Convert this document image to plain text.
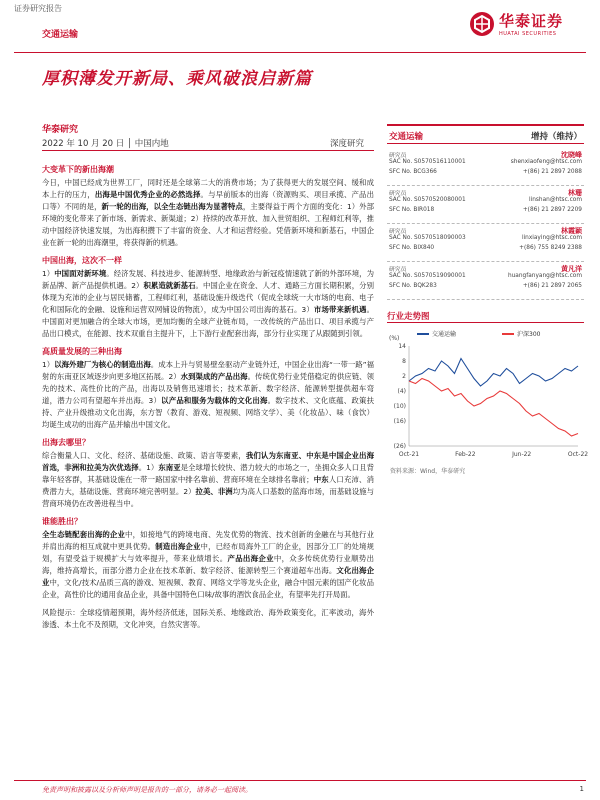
证券研究报告
交通运输
华泰证券
HUATAI SECURITIES
厚积薄发开新局、乘风破浪启新篇
华泰研究
2022 年 10 月 20 日 │ 中国内地	深度研究
大变革下的新出海潮

今日，中国已经成为世界工厂，同时还是全球第二大的消费市场；为了获得更大的发展空间、缓和成本上行的压力，出海是中国优秀企业的必然选择。与早前版本的出海（资源购买、项目承揽、产品出口等）不同的是，新一轮的出海，以全生态链出海为显著特点，主要得益于两个方面的变化：1）外部环境的变化带来了新市场、新需求、新渠道；2）持续的改革开放、加入世贸组织、工程师红利等，推动中国经济快速发展，为出海积攒下了丰富的资金、人才和运营经验。凭借新环境和新基石，中国企业在新一轮的出海潮里，将获得新的机遇。

中国出海，这次不一样

1）中国面对新环境。经济发展、科技进步、能源转型、地缘政治与新冠疫情速就了新的外部环境，为新品牌、新产品提供机遇。2）积累造就新基石。中国企业在资金、人才、通路三方面长期积累，分别体现为充沛的企业与居民储蓄，工程师红利，基础设施升级迭代（促成全球统一大市场的电商、电子化和国际化的金融、设施和运营双网铺设的物流），成为中国公司出海的基石。3）市场带来新机遇。中国面对更加融合的全球大市场，更加均衡的全球产业链布局，一改传统的产品出口、项目承揽与产品出口模式，在能源、技术双重自主提升下，上下游行业配套出海，部分行业实现了从跟随到引领。

高质量发展的三种出海

1）以海外建厂为核心的制造出海。成本上升与贸易壁垒驱动产业链外迁，中国企业出海“一带一路”福射的东南亚区域逐步向更多地区拓展。2）水到渠成的产品出海。传统优势行业凭借稳定的供应链、领先的技术、高性价比的产品，出海以及销售迅速增长；技术革新、数字经济、能源转型提供超车弯道，潜力公司有望超车并出海。3）以产品和服务为载体的文化出海。数字技术、文化底蕴、政策扶持、产业升级推动文化出海，东方智（教育、游戏、短视频、网络文学）、美（化妆品）、味（食饮）均诞生成功的出海产品并输出中国文化。

出海去哪里？

综合衡量人口、文化、经济、基础设施、政策、语言等要素，我们认为东南亚、中东是中国企业出海首选，非洲和拉美为次优选择。1）东南亚是全球增长较快、潜力较大的市场之一，坐拥众多人口且背靠年轻客群，其基础设施在一带一路国家中排名靠前、营商环境在全球排名靠前；中东人口充沛、消费潜力大，基础设施、营商环境完善明显。2）拉美、非洲均为高人口基数的蓝海市场，而基础设施与营商环境仍在改善进程当中。

谁能胜出？

全生态链配套出海的企业中，如接地气的跨境电商、先发优势的物流、技术创新的金融在与其他行业并肩出海的相互成就中更具优势。制造出海企业中，已经布局海外工厂的企业，因部分工厂的处境规划，有望受益于规模扩大与效率提升，带来业绩增长。产品出海企业中，众多传统优势行业顺势出海，维持高增长，而部分潜力企业在技术革新、数字经济、能源转型三个赛道超车出海。文化出海企业中，文化/技术/品质三高的游戏、短视频、教育、网络文学等龙头企业，融合中国元素的国产化妆品企业，高性价比的通用食品企业，具备中国特色口味/故事的酒饮食品企业，有望率先打开局面。

风险提示：全球疫情超预期，海外经济低迷，国际关系、地缘政治、海外政策变化，汇率波动，海外渗透、本土化不及预期，文化冲突，自然灾害等。

交通运输	增持（维持）
研究员	沈晓峰
SAC No. S0570516110001
SFC No. BCG366
shenxiaofeng@htsc.com
+(86) 21 2897 2088
研究员	林珊
SAC No. S0570520080001
SFC No. BIR018
linshan@htsc.com
+(86) 21 2897 2209
研究员	林霞颖
SAC No. S0570518090003
SFC No. BIX840
linxiaying@htsc.com
+(86) 755 8249 2388
研究员	黄凡洋
SAC No. S0570519090001
SFC No. BQK283
huangfanyang@htsc.com
+(86) 21 2897 2065
行业走势图
(%)
14
8
2
(4)
(10)
(16)
(26)
Oct-21	Feb-22	Jun-22	Oct-22
交通运输	沪深300
资料来源：Wind，华泰研究
免责声明和披露以及分析师声明是报告的一部分，请务必一起阅读。	1
